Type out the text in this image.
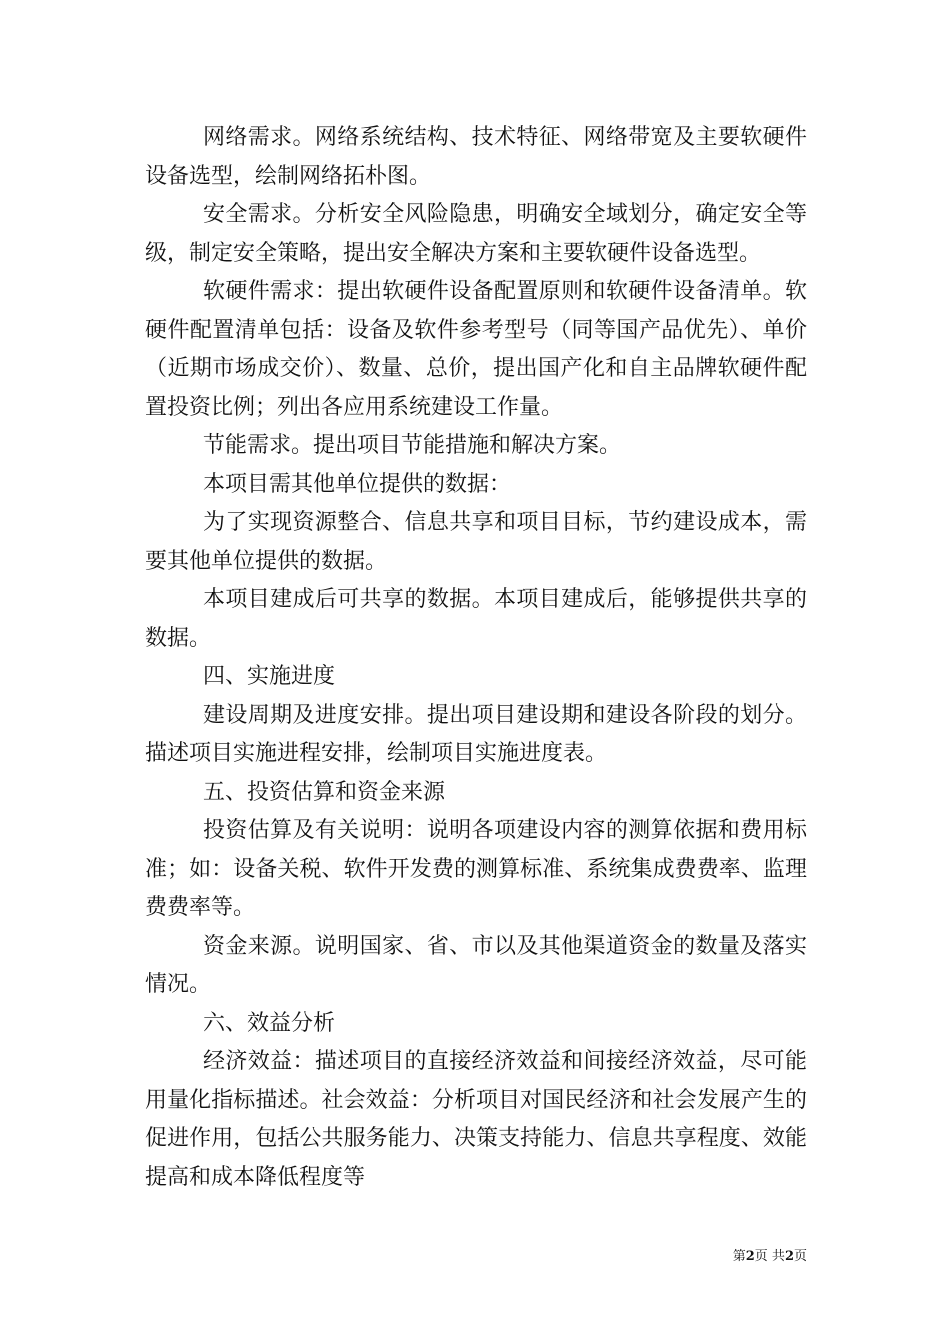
网络需求。网络系统结构、技术特征、网络带宽及主要软硬件设备选型，绘制网络拓朴图。

安全需求。分析安全风险隐患，明确安全域划分，确定安全等级，制定安全策略，提出安全解决方案和主要软硬件设备选型。

软硬件需求：提出软硬件设备配置原则和软硬件设备清单。软硬件配置清单包括：设备及软件参考型号（同等国产品优先）、单价（近期市场成交价）、数量、总价，提出国产化和自主品牌软硬件配置投资比例；列出各应用系统建设工作量。

节能需求。提出项目节能措施和解决方案。

本项目需其他单位提供的数据：

为了实现资源整合、信息共享和项目目标，节约建设成本，需要其他单位提供的数据。

本项目建成后可共享的数据。本项目建成后，能够提供共享的数据。

四、实施进度

建设周期及进度安排。提出项目建设期和建设各阶段的划分。描述项目实施进程安排，绘制项目实施进度表。

五、投资估算和资金来源

投资估算及有关说明：说明各项建设内容的测算依据和费用标准；如：设备关税、软件开发费的测算标准、系统集成费费率、监理费费率等。

资金来源。说明国家、省、市以及其他渠道资金的数量及落实情况。

六、效益分析

经济效益：描述项目的直接经济效益和间接经济效益，尽可能用量化指标描述。社会效益：分析项目对国民经济和社会发展产生的促进作用，包括公共服务能力、决策支持能力、信息共享程度、效能提高和成本降低程度等

第2页 共2页
